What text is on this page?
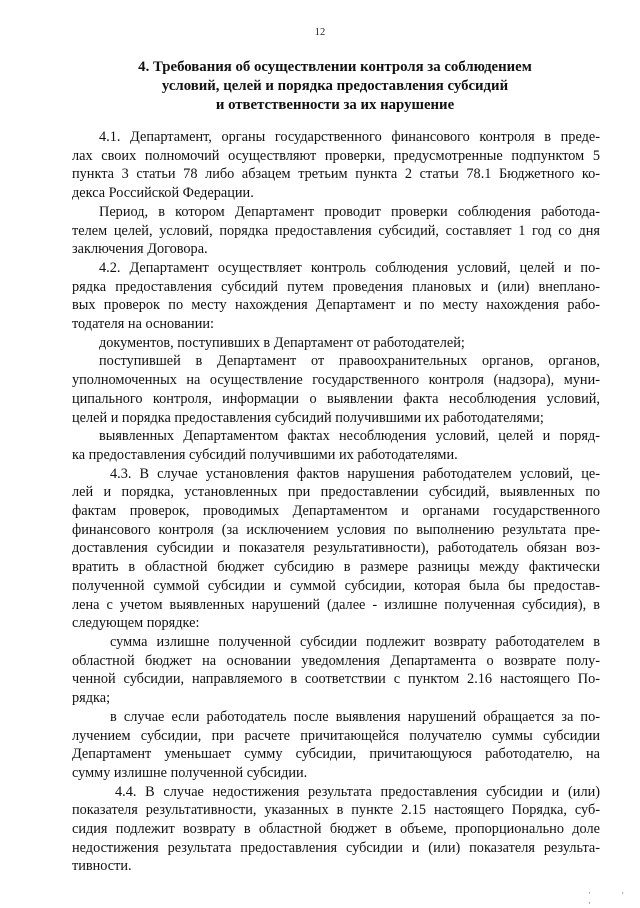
12
4. Требования об осуществлении контроля за соблюдением
условий, целей и порядка предоставления субсидий
и ответственности за их нарушение
4.1. Департамент, органы государственного финансового контроля в преде-
лах своих полномочий осуществляют проверки, предусмотренные подпунктом 5
пункта 3 статьи 78 либо абзацем третьим пункта 2 статьи 78.1 Бюджетного ко-
декса Российской Федерации.
Период, в котором Департамент проводит проверки соблюдения работода-
телем целей, условий, порядка предоставления субсидий, составляет 1 год со дня
заключения Договора.
4.2. Департамент осуществляет контроль соблюдения условий, целей и по-
рядка предоставления субсидий путем проведения плановых и (или) внеплано-
вых проверок по месту нахождения Департамент и по месту нахождения рабо-
тодателя на основании:
документов, поступивших в Департамент от работодателей;
поступившей в Департамент от правоохранительных органов, органов,
уполномоченных на осуществление государственного контроля (надзора), муни-
ципального контроля, информации о выявлении факта несоблюдения условий,
целей и порядка предоставления субсидий получившими их работодателями;
выявленных Департаментом фактах несоблюдения условий, целей и поряд-
ка предоставления субсидий получившими их работодателями.
4.3. В случае установления фактов нарушения работодателем условий, це-
лей и порядка, установленных при предоставлении субсидий, выявленных по
фактам проверок, проводимых Департаментом и органами государственного
финансового контроля (за исключением условия по выполнению результата пре-
доставления субсидии и показателя результативности), работодатель обязан воз-
вратить в областной бюджет субсидию в размере разницы между фактически
полученной суммой субсидии и суммой субсидии, которая была бы предостав-
лена с учетом выявленных нарушений (далее - излишне полученная субсидия), в
следующем порядке:
сумма излишне полученной субсидии подлежит возврату работодателем в
областной бюджет на основании уведомления Департамента о возврате полу-
ченной субсидии, направляемого в соответствии с пунктом 2.16 настоящего По-
рядка;
в случае если работодатель после выявления нарушений обращается за по-
лучением субсидии, при расчете причитающейся получателю суммы субсидии
Департамент уменьшает сумму субсидии, причитающуюся работодателю, на
сумму излишне полученной субсидии.
4.4. В случае недостижения результата предоставления субсидии и (или)
показателя результативности, указанных в пункте 2.15 настоящего Порядка, суб-
сидия подлежит возврату в областной бюджет в объеме, пропорционально доле
недостижения результата предоставления субсидии и (или) показателя результа-
тивности.
· · ·
